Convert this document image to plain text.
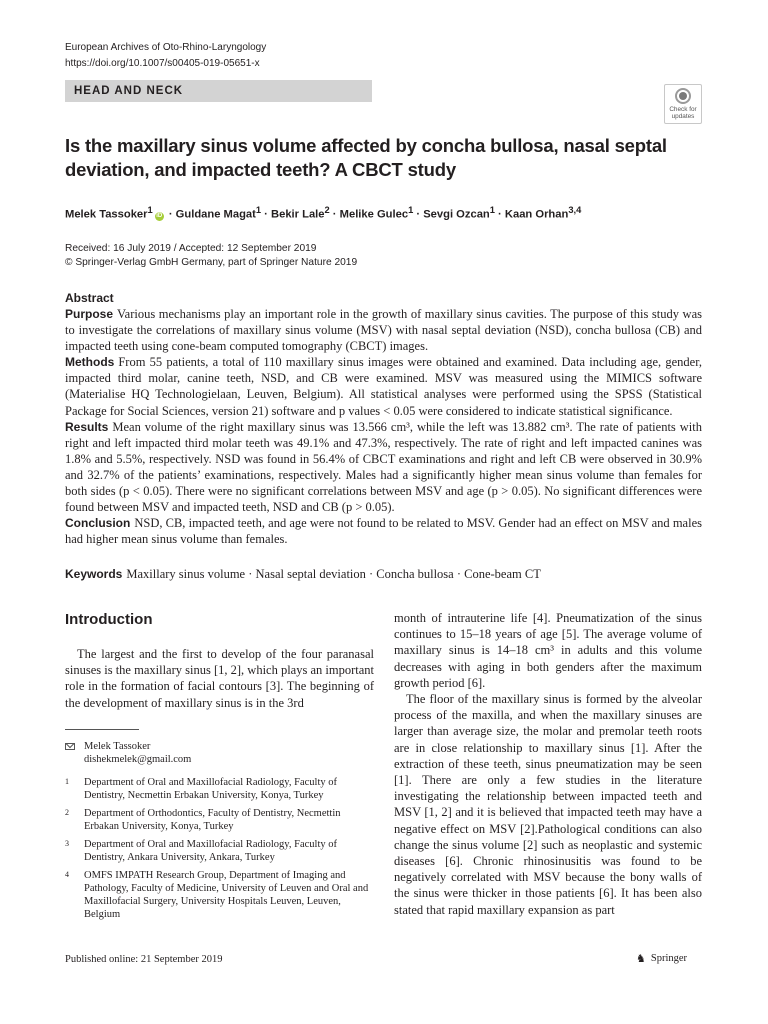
European Archives of Oto-Rhino-Laryngology
https://doi.org/10.1007/s00405-019-05651-x
HEAD AND NECK
Check for
updates
Is the maxillary sinus volume affected by concha bullosa, nasal septal
deviation, and impacted teeth? A CBCT study
Melek Tassoker$^1$iD · Guldane Magat$^1$ · Bekir Lale$^2$ · Melike Gulec$^1$ · Sevgi Ozcan$^1$ · Kaan Orhan$^{3,4}$
Received: 16 July 2019 / Accepted: 12 September 2019
© Springer-Verlag GmbH Germany, part of Springer Nature 2019
Abstract

Purpose Various mechanisms play an important role in the growth of maxillary sinus cavities. The purpose of this study was to investigate the correlations of maxillary sinus volume (MSV) with nasal septal deviation (NSD), concha bullosa (CB) and impacted teeth using cone-beam computed tomography (CBCT) images.

Methods From 55 patients, a total of 110 maxillary sinus images were obtained and examined. Data including age, gender, impacted third molar, canine teeth, NSD, and CB were examined. MSV was measured using the MIMICS software (Materialise HQ Technologielaan, Leuven, Belgium). All statistical analyses were performed using the SPSS (Statistical Package for Social Sciences, version 21) software and p values < 0.05 were considered to indicate statistical significance.

Results Mean volume of the right maxillary sinus was 13.566 cm³, while the left was 13.882 cm³. The rate of patients with right and left impacted third molar teeth was 49.1% and 47.3%, respectively. The rate of right and left impacted canines was 1.8% and 5.5%, respectively. NSD was found in 56.4% of CBCT examinations and right and left CB were observed in 30.9% and 32.7% of the patients’ examinations, respectively. Males had a significantly higher mean sinus volume than females for both sides (p < 0.05). There were no significant correlations between MSV and age (p > 0.05). No significant differences were found between MSV and impacted teeth, NSD and CB (p > 0.05).

Conclusion NSD, CB, impacted teeth, and age were not found to be related to MSV. Gender had an effect on MSV and males had higher mean sinus volume than females.

Keywords Maxillary sinus volume · Nasal septal deviation · Concha bullosa · Cone-beam CT
Introduction

The largest and the first to develop of the four paranasal sinuses is the maxillary sinus [1, 2], which plays an important role in the formation of facial contours [3]. The beginning of the development of maxillary sinus is in the 3rd

month of intrauterine life [4]. Pneumatization of the sinus continues to 15–18 years of age [5]. The average volume of maxillary sinus is 14–18 cm³ in adults and this volume decreases with aging in both genders after the maximum growth period [6].

The floor of the maxillary sinus is formed by the alveolar process of the maxilla, and when the maxillary sinuses are larger than average size, the molar and premolar teeth roots are in close relationship to maxillary sinus [1]. After the extraction of these teeth, sinus pneumatization may be seen [1]. There are only a few studies in the literature investigating the relationship between impacted teeth and MSV [1, 2] and it is believed that impacted teeth may have a negative effect on MSV [2].Pathological conditions can also change the sinus volume [2] such as neoplastic and systemic diseases [6]. Chronic rhinosinusitis was found to be negatively correlated with MSV because the bony walls of the sinus were thicker in those patients [6]. It has been also stated that rapid maxillary expansion as part

Melek Tassoker
dishekmelek@gmail.com
1	Department of Oral and Maxillofacial Radiology, Faculty of Dentistry, Necmettin Erbakan University, Konya, Turkey
2	Department of Orthodontics, Faculty of Dentistry, Necmettin Erbakan University, Konya, Turkey
3	Department of Oral and Maxillofacial Radiology, Faculty of Dentistry, Ankara University, Ankara, Turkey
4	OMFS IMPATH Research Group, Department of Imaging and Pathology, Faculty of Medicine, University of Leuven and Oral and Maxillofacial Surgery, University Hospitals Leuven, Leuven, Belgium
Published online: 21 September 2019	♞ Springer
